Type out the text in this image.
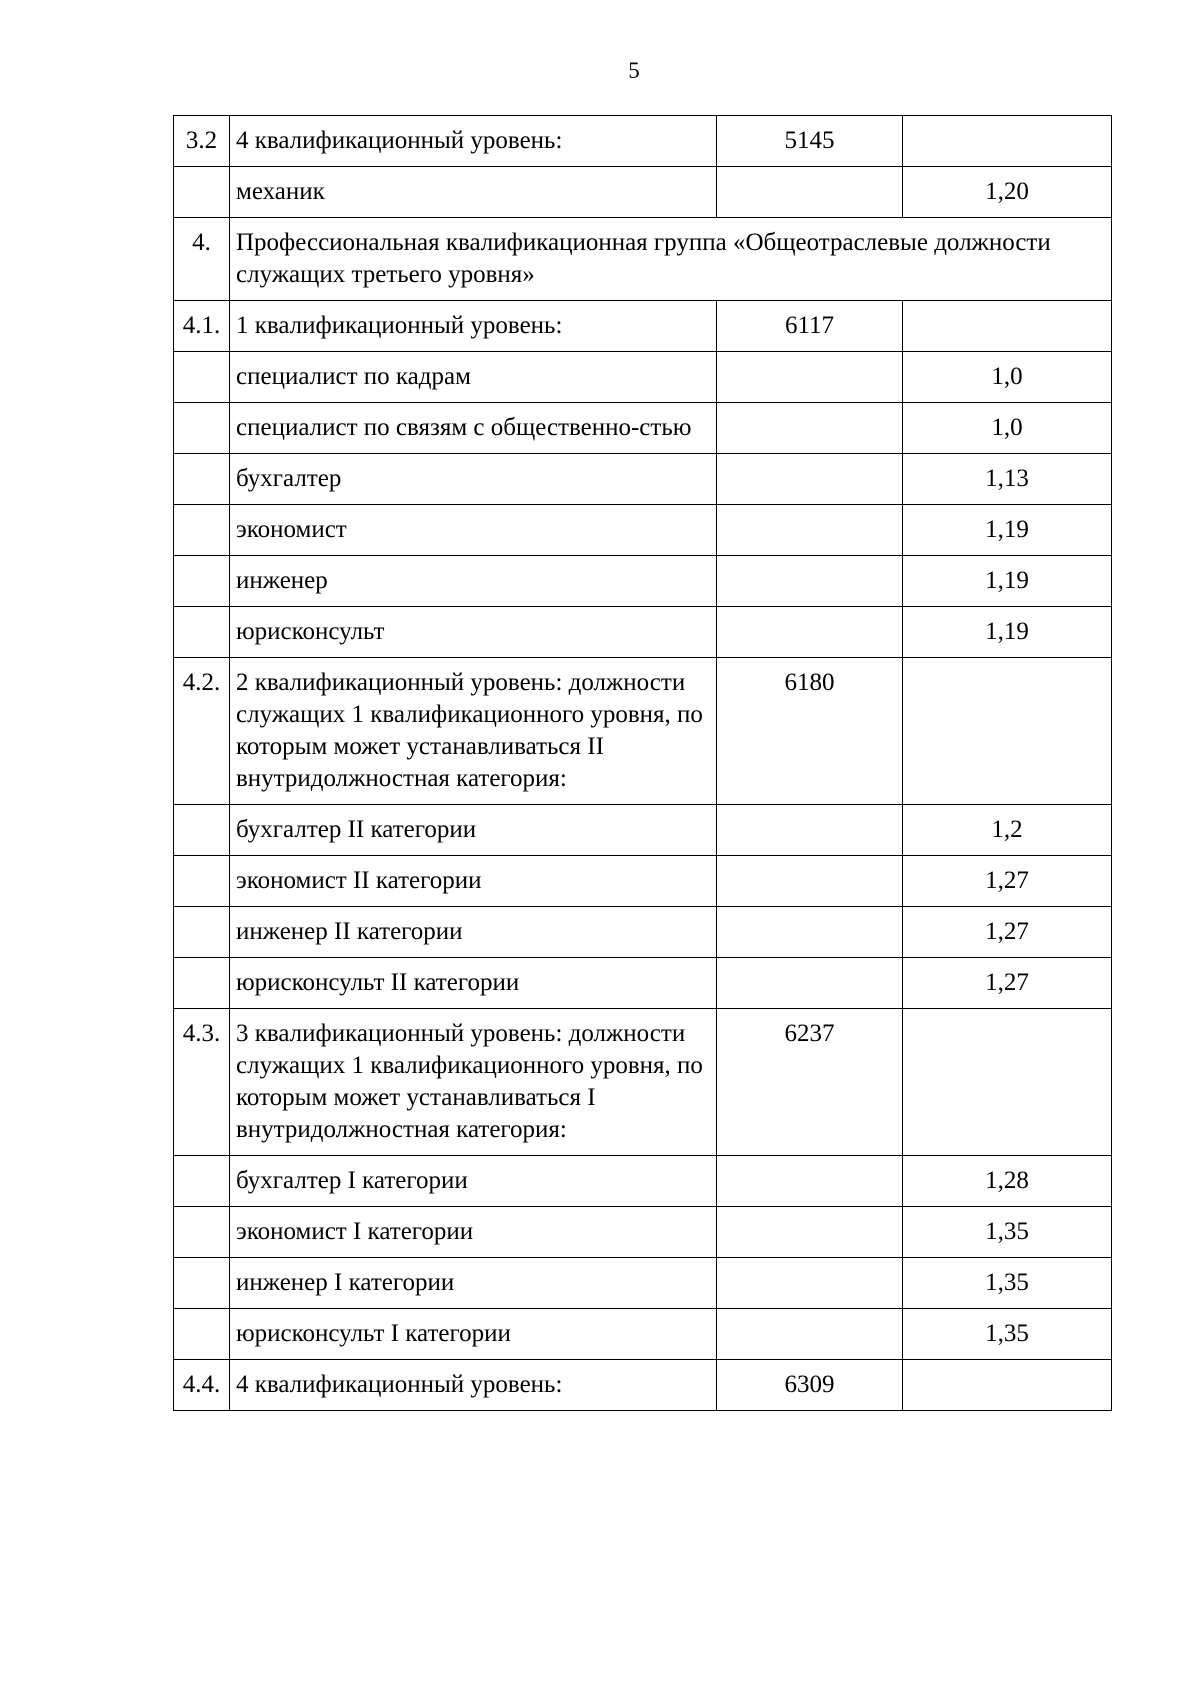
5
3.2	4 квалификационный уровень:	5145	
	механик		1,20
4.	Профессиональная квалификационная группа «Общеотраслевые должности служащих третьего уровня»		
4.1.	1 квалификационный уровень:	6117	
	специалист по кадрам		1,0
	специалист по связям с общественно-стью		1,0
	бухгалтер		1,13
	экономист		1,19
	инженер		1,19
	юрисконсульт		1,19
4.2.	2 квалификационный уровень: должности служащих 1 квалификационного уровня, по которым может устанавливаться II внутридолжностная категория:	6180	
	бухгалтер II категории		1,2
	экономист II категории		1,27
	инженер II категории		1,27
	юрисконсульт II категории		1,27
4.3.	3 квалификационный уровень: должности служащих 1 квалификационного уровня, по которым может устанавливаться I внутридолжностная категория:	6237	
	бухгалтер I категории		1,28
	экономист I категории		1,35
	инженер I категории		1,35
	юрисконсульт I категории		1,35
4.4.	4 квалификационный уровень:	6309	
